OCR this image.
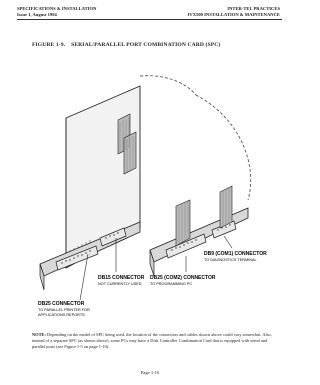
SPECIFICATIONS & INSTALLATION
Issue 1, August 1994
INTER-TEL PRACTICES
IVX500 INSTALLATION & MAINTENANCE
FIGURE 1-9. SERIAL/PARALLEL PORT COMBINATION CARD (SPC)
DB15 CONNECTOR
NOT CURRENTLY USED
DB25 CONNECTOR
TO PARALLEL PRINTER FOR
APPLICATIONS REPORTS
DB9 (COM1) CONNECTOR
TO DIAGNOSTICS TERMINAL
DB25 (COM2) CONNECTOR
TO PROGRAMMING PC
NOTE: Depending on the model of SPC being used, the location of the connectors and cables shown above could vary somewhat. Also, instead of a separate SPC (as shown above), some PCs may have a Disk Controller Combination Card that is equipped with serial and parallel ports (see Figure 1-5 on page 1-10).
Page 1-16
